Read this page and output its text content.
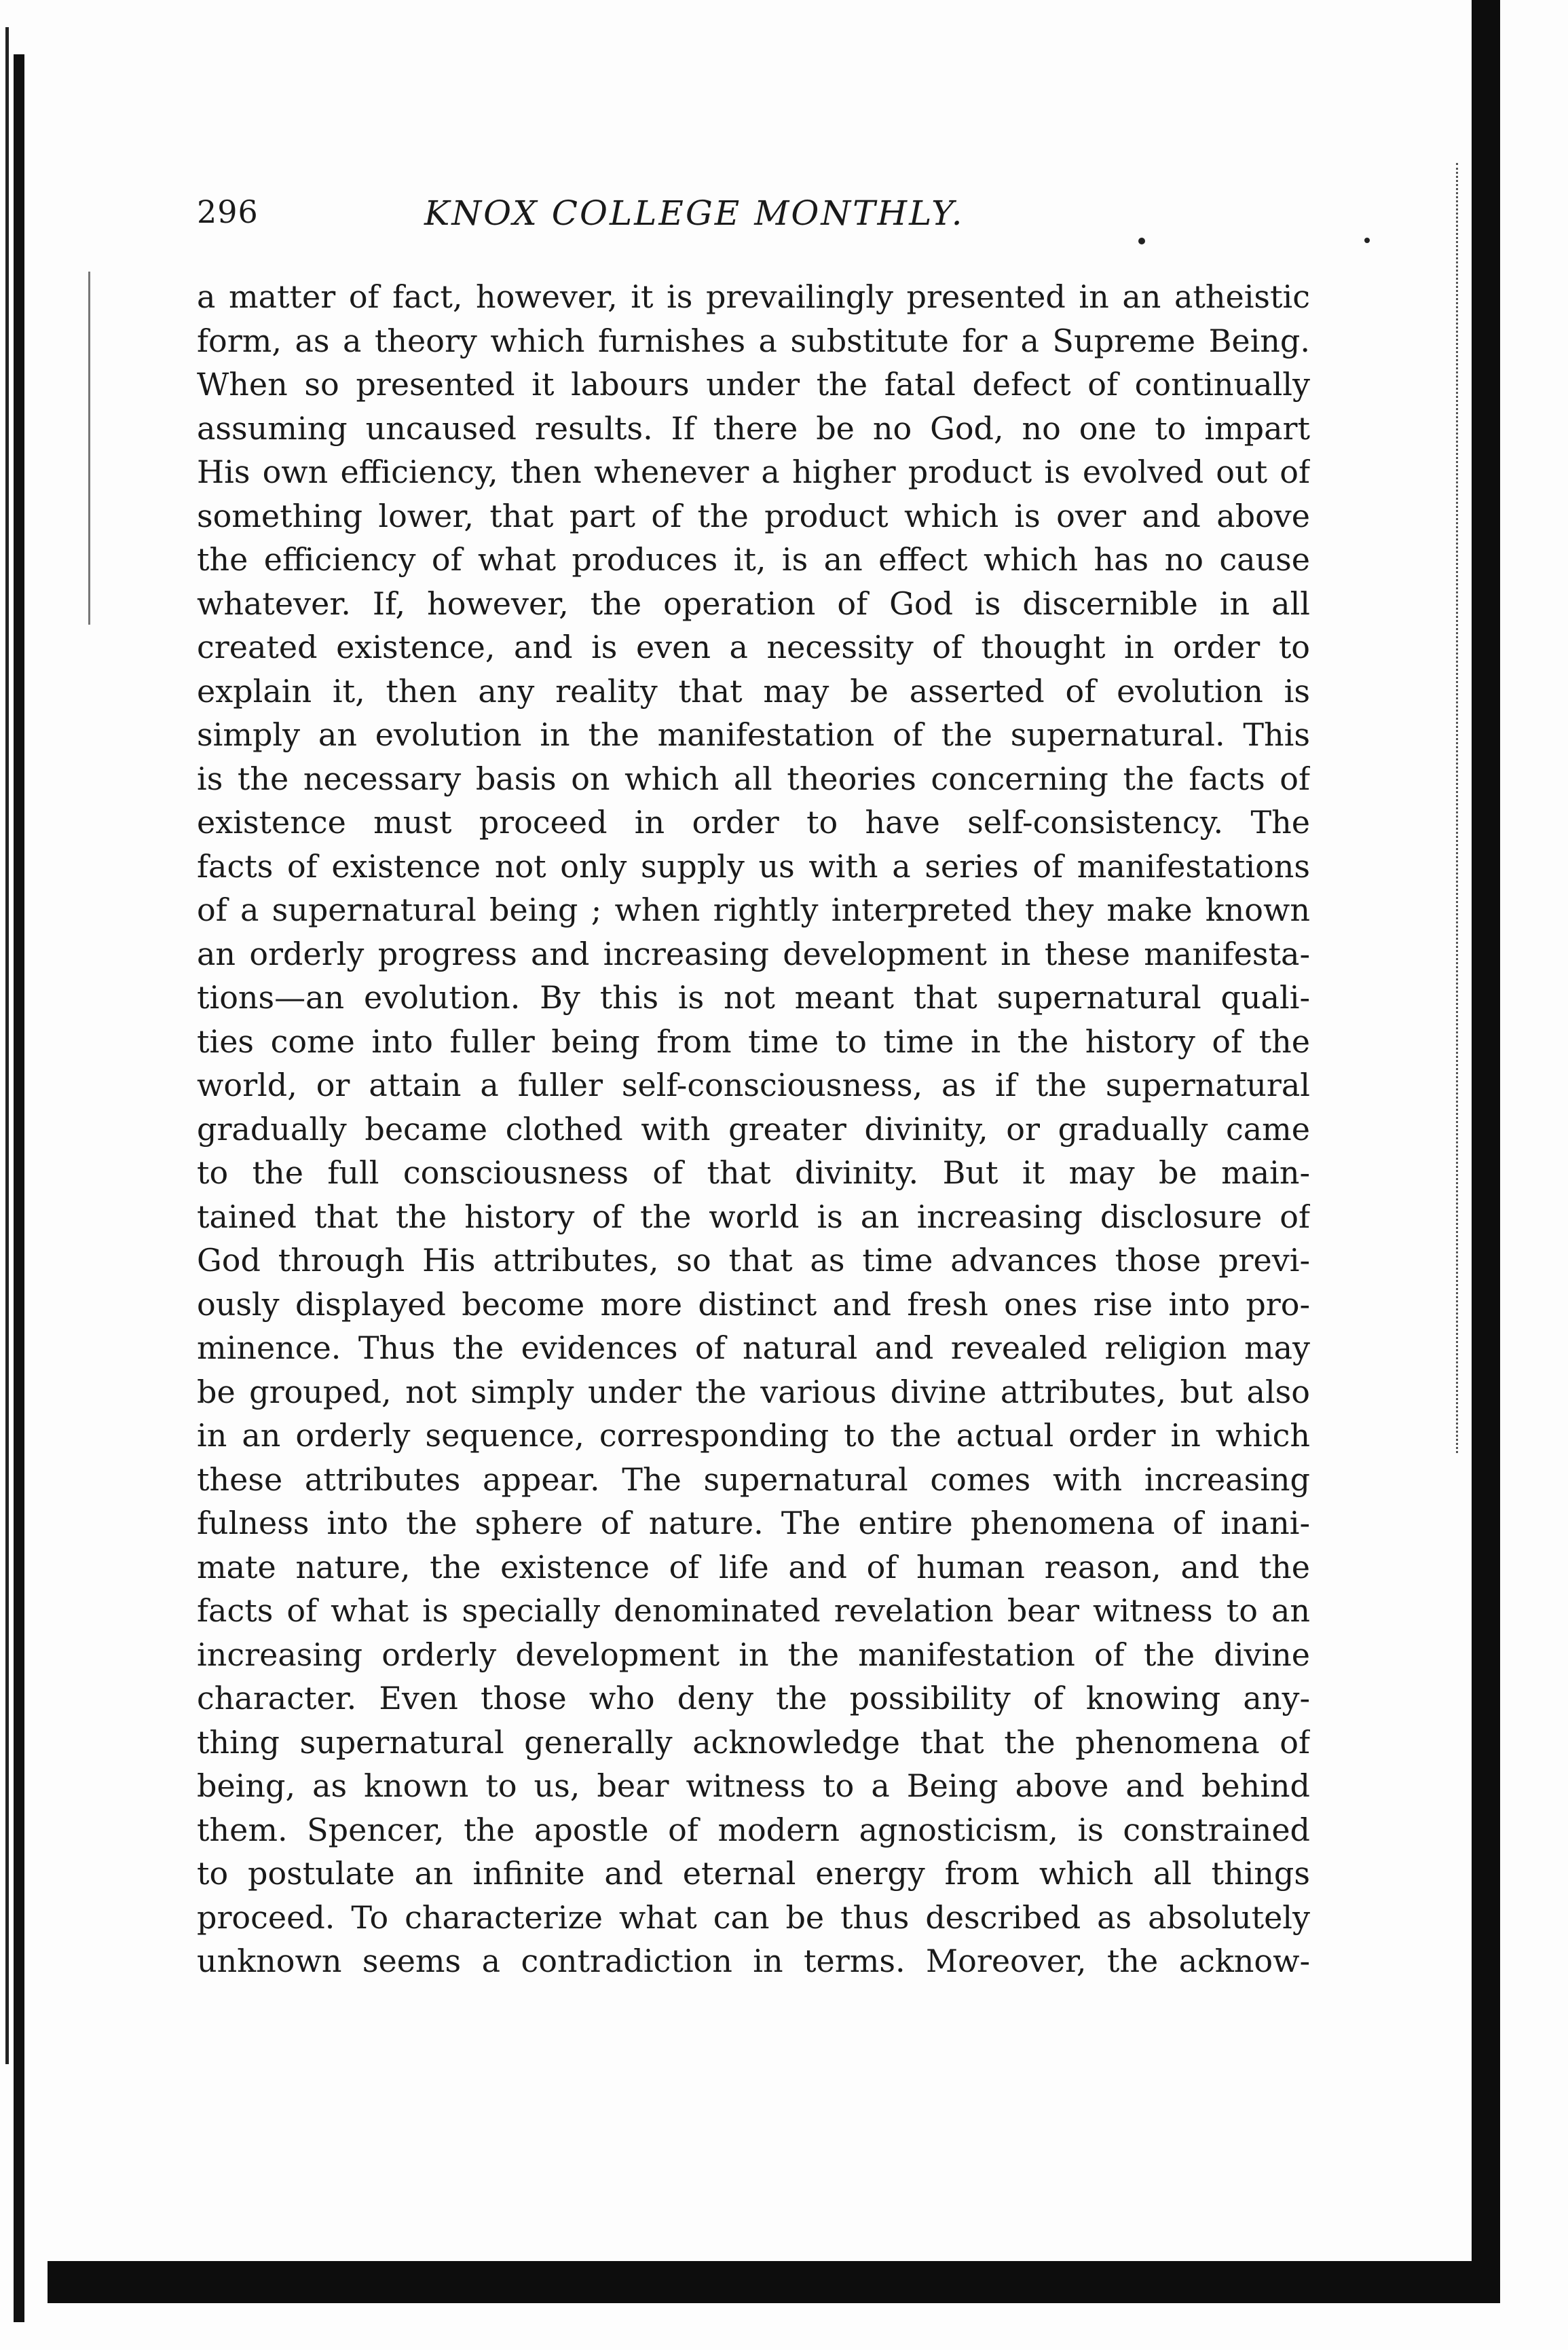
296	KNOX COLLEGE MONTHLY.
a matter of fact, however, it is prevailingly presented in an atheistic
form, as a theory which furnishes a substitute for a Supreme Being.
When so presented it labours under the fatal defect of continually
assuming uncaused results. If there be no God, no one to impart
His own efficiency, then whenever a higher product is evolved out of
something lower, that part of the product which is over and above
the efficiency of what produces it, is an effect which has no cause
whatever. If, however, the operation of God is discernible in all
created existence, and is even a necessity of thought in order to
explain it, then any reality that may be asserted of evolution is
simply an evolution in the manifestation of the supernatural. This
is the necessary basis on which all theories concerning the facts of
existence must proceed in order to have self-consistency. The
facts of existence not only supply us with a series of manifestations
of a supernatural being ; when rightly interpreted they make known
an orderly progress and increasing development in these manifesta-
tions—an evolution. By this is not meant that supernatural quali-
ties come into fuller being from time to time in the history of the
world, or attain a fuller self-consciousness, as if the supernatural
gradually became clothed with greater divinity, or gradually came
to the full consciousness of that divinity. But it may be main-
tained that the history of the world is an increasing disclosure of
God through His attributes, so that as time advances those previ-
ously displayed become more distinct and fresh ones rise into pro-
minence. Thus the evidences of natural and revealed religion may
be grouped, not simply under the various divine attributes, but also
in an orderly sequence, corresponding to the actual order in which
these attributes appear. The supernatural comes with increasing
fulness into the sphere of nature. The entire phenomena of inani-
mate nature, the existence of life and of human reason, and the
facts of what is specially denominated revelation bear witness to an
increasing orderly development in the manifestation of the divine
character. Even those who deny the possibility of knowing any-
thing supernatural generally acknowledge that the phenomena of
being, as known to us, bear witness to a Being above and behind
them. Spencer, the apostle of modern agnosticism, is constrained
to postulate an infinite and eternal energy from which all things
proceed. To characterize what can be thus described as absolutely
unknown seems a contradiction in terms. Moreover, the acknow-
